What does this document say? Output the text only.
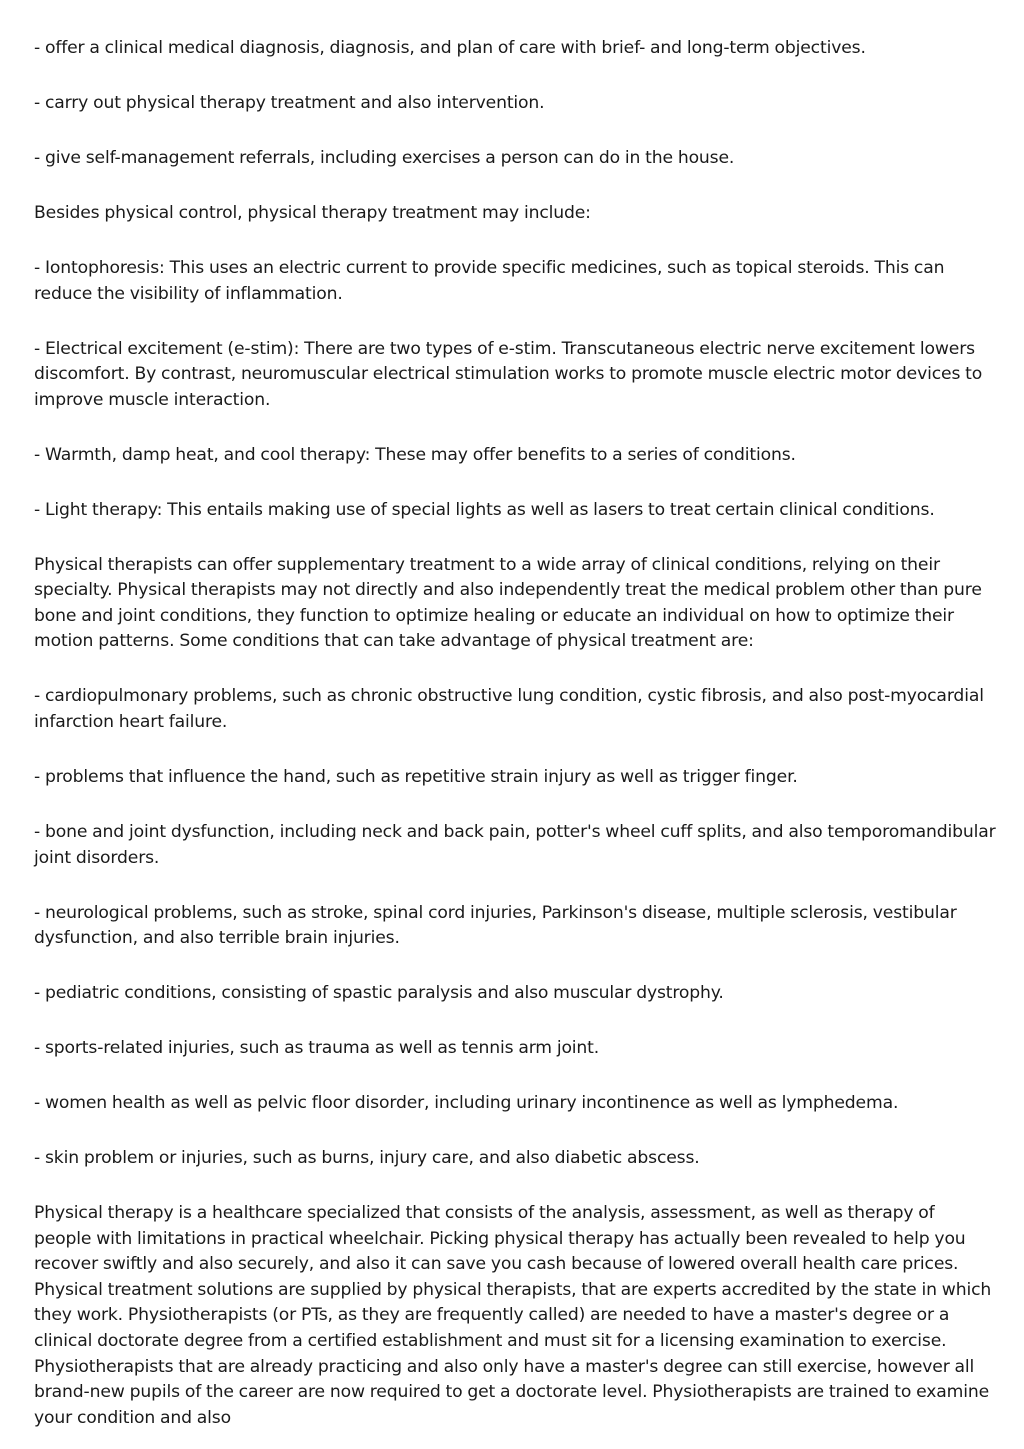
- offer a clinical medical diagnosis, diagnosis, and plan of care with brief- and long-term objectives.

- carry out physical therapy treatment and also intervention.

- give self-management referrals, including exercises a person can do in the house.

Besides physical control, physical therapy treatment may include:

- Iontophoresis: This uses an electric current to provide specific medicines, such as topical steroids. This can reduce the visibility of inflammation.

- Electrical excitement (e-stim): There are two types of e-stim. Transcutaneous electric nerve excitement lowers discomfort. By contrast, neuromuscular electrical stimulation works to promote muscle electric motor devices to improve muscle interaction.

- Warmth, damp heat, and cool therapy: These may offer benefits to a series of conditions.

- Light therapy: This entails making use of special lights as well as lasers to treat certain clinical conditions.

Physical therapists can offer supplementary treatment to a wide array of clinical conditions, relying on their specialty. Physical therapists may not directly and also independently treat the medical problem other than pure bone and joint conditions, they function to optimize healing or educate an individual on how to optimize their motion patterns. Some conditions that can take advantage of physical treatment are:

- cardiopulmonary problems, such as chronic obstructive lung condition, cystic fibrosis, and also post-myocardial infarction heart failure.

- problems that influence the hand, such as repetitive strain injury as well as trigger finger.

- bone and joint dysfunction, including neck and back pain, potter's wheel cuff splits, and also temporomandibular joint disorders.

- neurological problems, such as stroke, spinal cord injuries, Parkinson's disease, multiple sclerosis, vestibular dysfunction, and also terrible brain injuries.

- pediatric conditions, consisting of spastic paralysis and also muscular dystrophy.

- sports-related injuries, such as trauma as well as tennis arm joint.

- women health as well as pelvic floor disorder, including urinary incontinence as well as lymphedema.

- skin problem or injuries, such as burns, injury care, and also diabetic abscess.

Physical therapy is a healthcare specialized that consists of the analysis, assessment, as well as therapy of people with limitations in practical wheelchair. Picking physical therapy has actually been revealed to help you recover swiftly and also securely, and also it can save you cash because of lowered overall health care prices. Physical treatment solutions are supplied by physical therapists, that are experts accredited by the state in which they work. Physiotherapists (or PTs, as they are frequently called) are needed to have a master's degree or a clinical doctorate degree from a certified establishment and must sit for a licensing examination to exercise. Physiotherapists that are already practicing and also only have a master's degree can still exercise, however all brand-new pupils of the career are now required to get a doctorate level. Physiotherapists are trained to examine your condition and also
